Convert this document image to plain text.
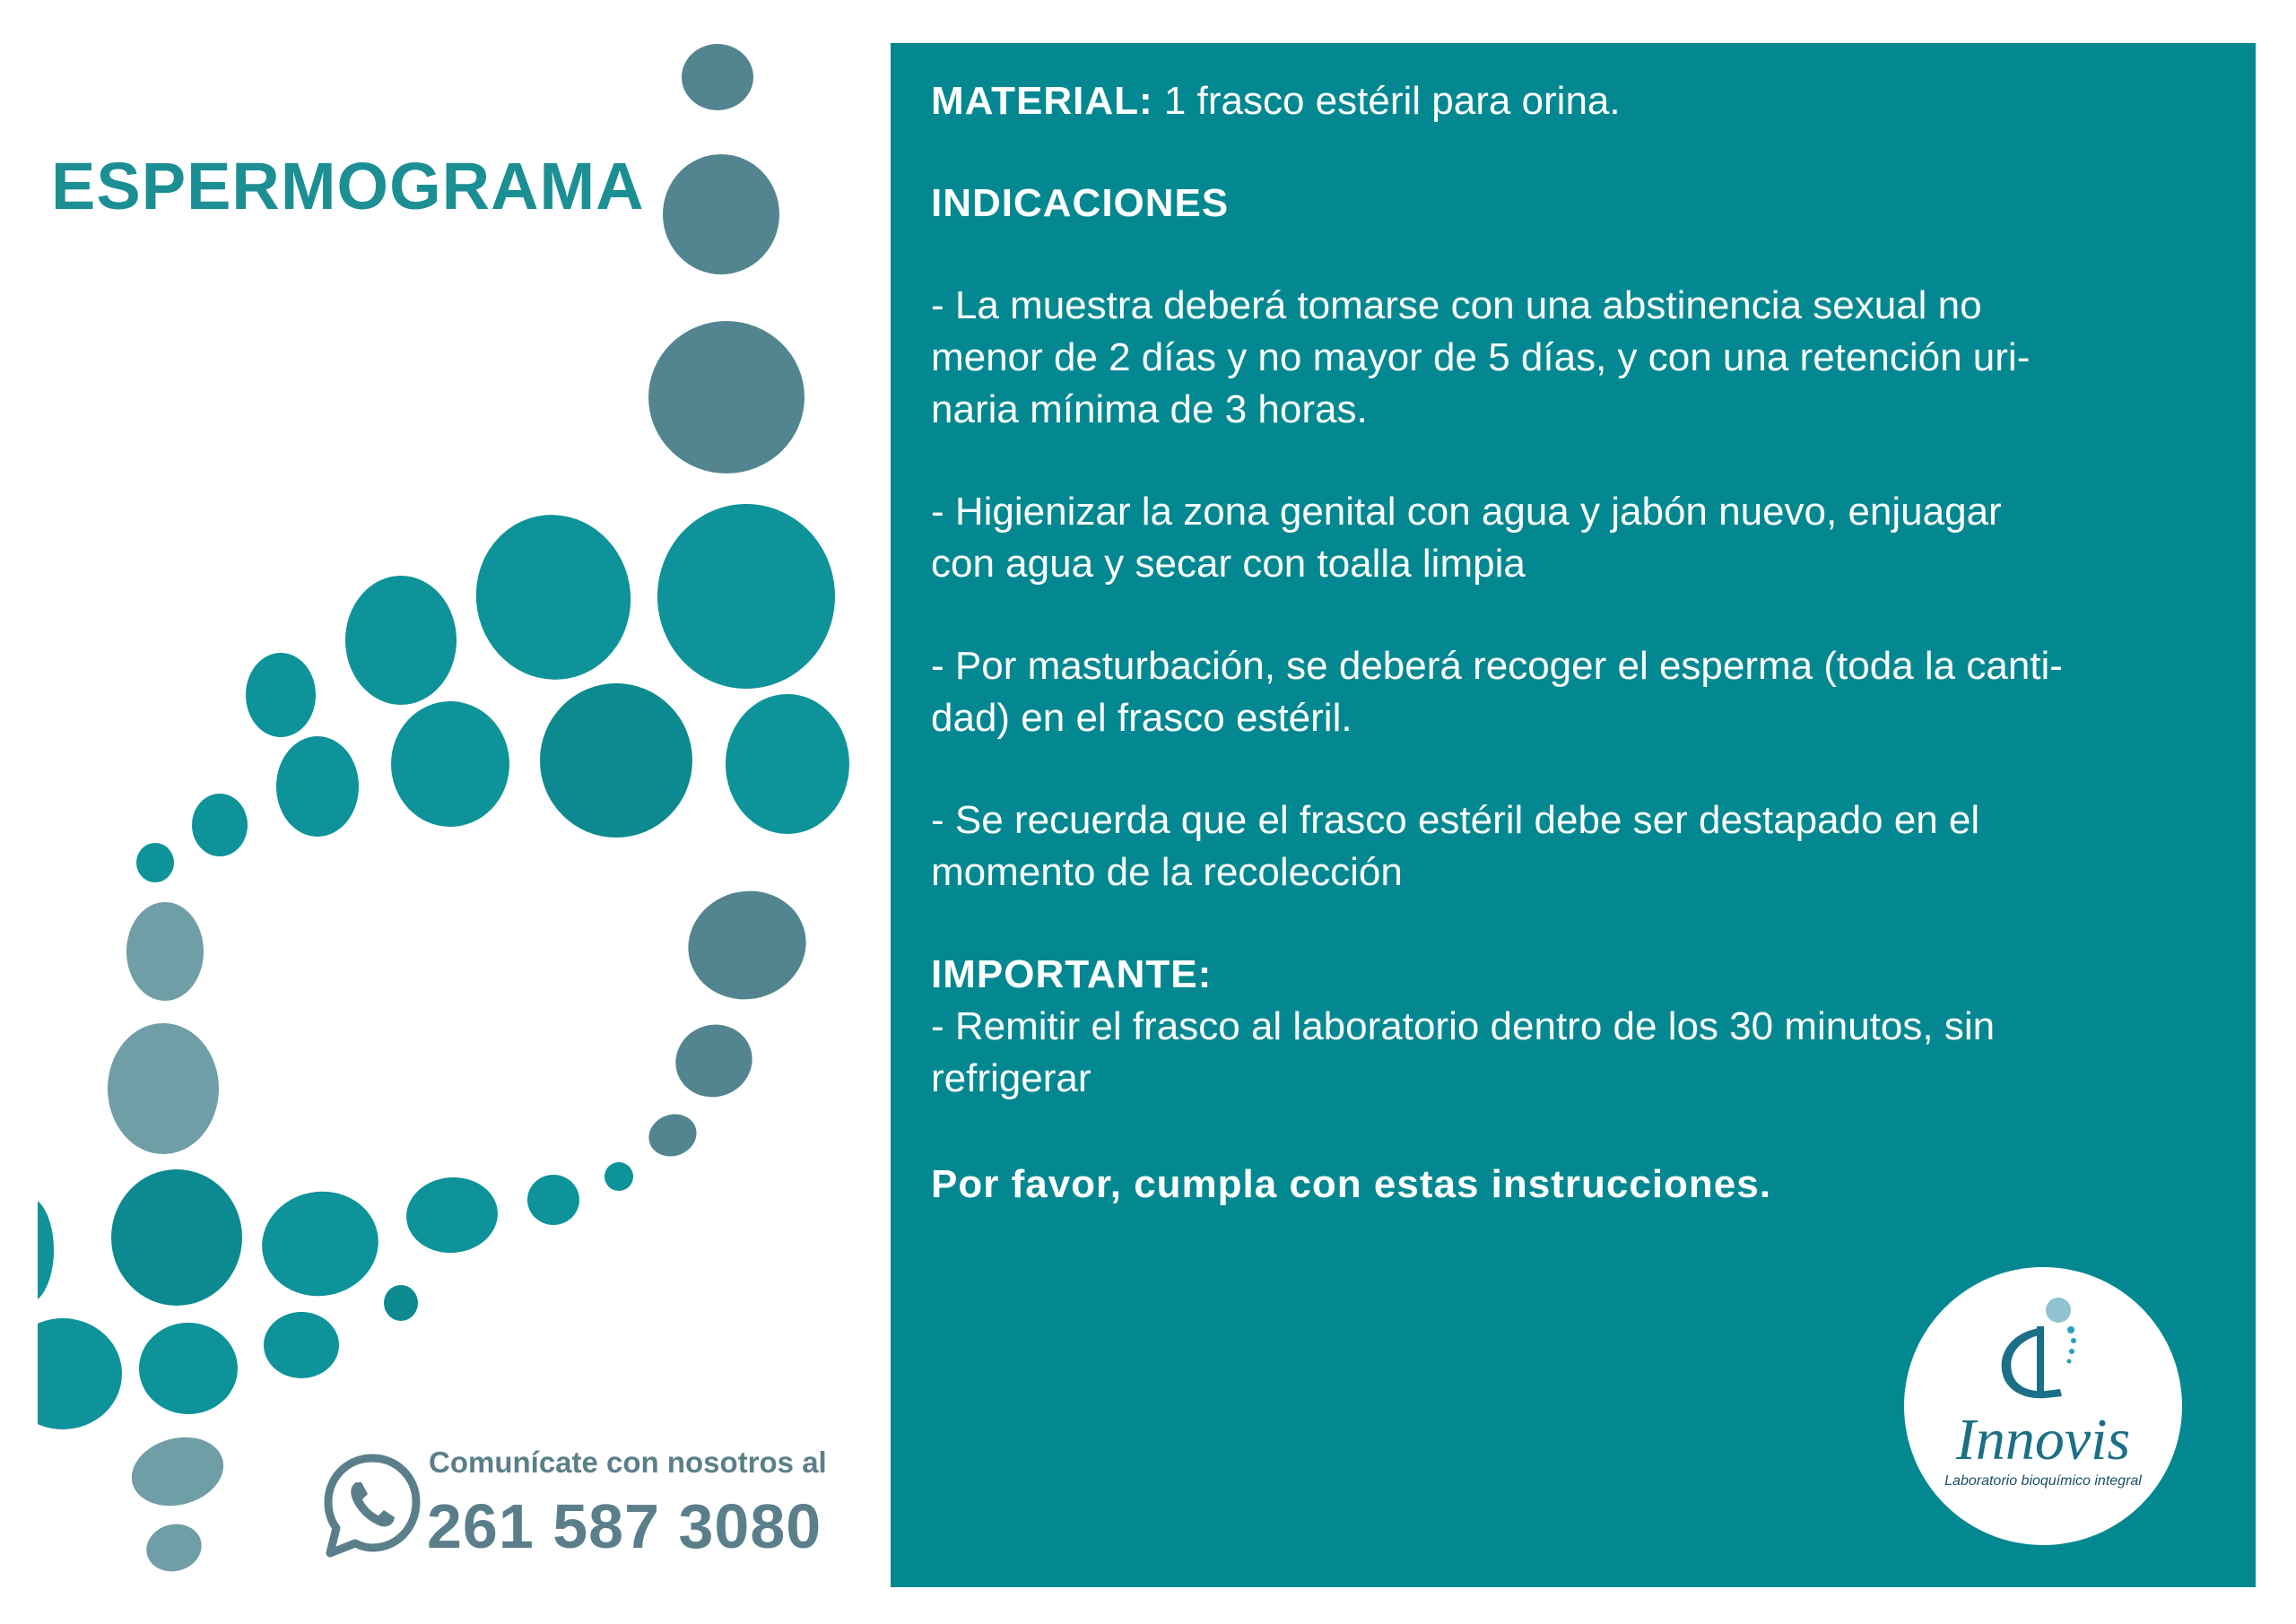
ESPERMOGRAMA
Comunícate con nosotros al
261 587 3080

MATERIAL: 1 frasco estéril para orina.

INDICACIONES

- La muestra deberá tomarse con una abstinencia sexual no

menor de 2 días y no mayor de 5 días, y con una retención uri-

naria mínima de 3 horas.

- Higienizar la zona genital con agua y jabón nuevo, enjuagar

con agua y secar con toalla limpia

- Por masturbación, se deberá recoger el esperma (toda la canti-

dad) en el frasco estéril.

- Se recuerda que el frasco estéril debe ser destapado en el

momento de la recolección

IMPORTANTE:

- Remitir el frasco al laboratorio dentro de los 30 minutos, sin

refrigerar

Por favor, cumpla con estas instrucciones.

Innovis
Laboratorio bioquímico integral
